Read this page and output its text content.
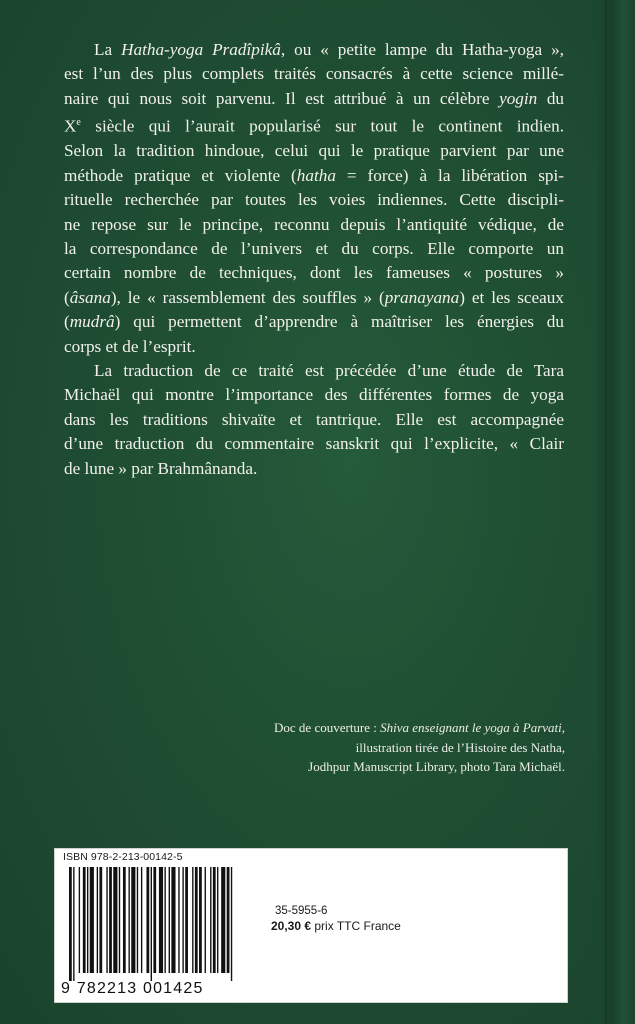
La Hatha-yoga Pradîpikâ, ou « petite lampe du Hatha-yoga »,
est l’un des plus complets traités consacrés à cette science millé-
naire qui nous soit parvenu. Il est attribué à un célèbre yogin du
Xe siècle qui l’aurait popularisé sur tout le continent indien.
Selon la tradition hindoue, celui qui le pratique parvient par une
méthode pratique et violente (hatha = force) à la libération spi-
rituelle recherchée par toutes les voies indiennes. Cette discipli-
ne repose sur le principe, reconnu depuis l’antiquité védique, de
la correspondance de l’univers et du corps. Elle comporte un
certain nombre de techniques, dont les fameuses « postures »
(âsana), le « rassemblement des souffles » (pranayana) et les sceaux
(mudrâ) qui permettent d’apprendre à maîtriser les énergies du
corps et de l’esprit.

La traduction de ce traité est précédée d’une étude de Tara
Michaël qui montre l’importance des différentes formes de yoga
dans les traditions shivaïte et tantrique. Elle est accompagnée
d’une traduction du commentaire sanskrit qui l’explicite, « Clair
de lune » par Brahmânanda.

Doc de couverture : Shiva enseignant le yoga à Parvati,
illustration tirée de l’Histoire des Natha,
Jodhpur Manuscript Library, photo Tara Michaël.
ISBN 978-2-213-00142-5
9 782213 001425
35-5955-6
20,30 € prix TTC France
